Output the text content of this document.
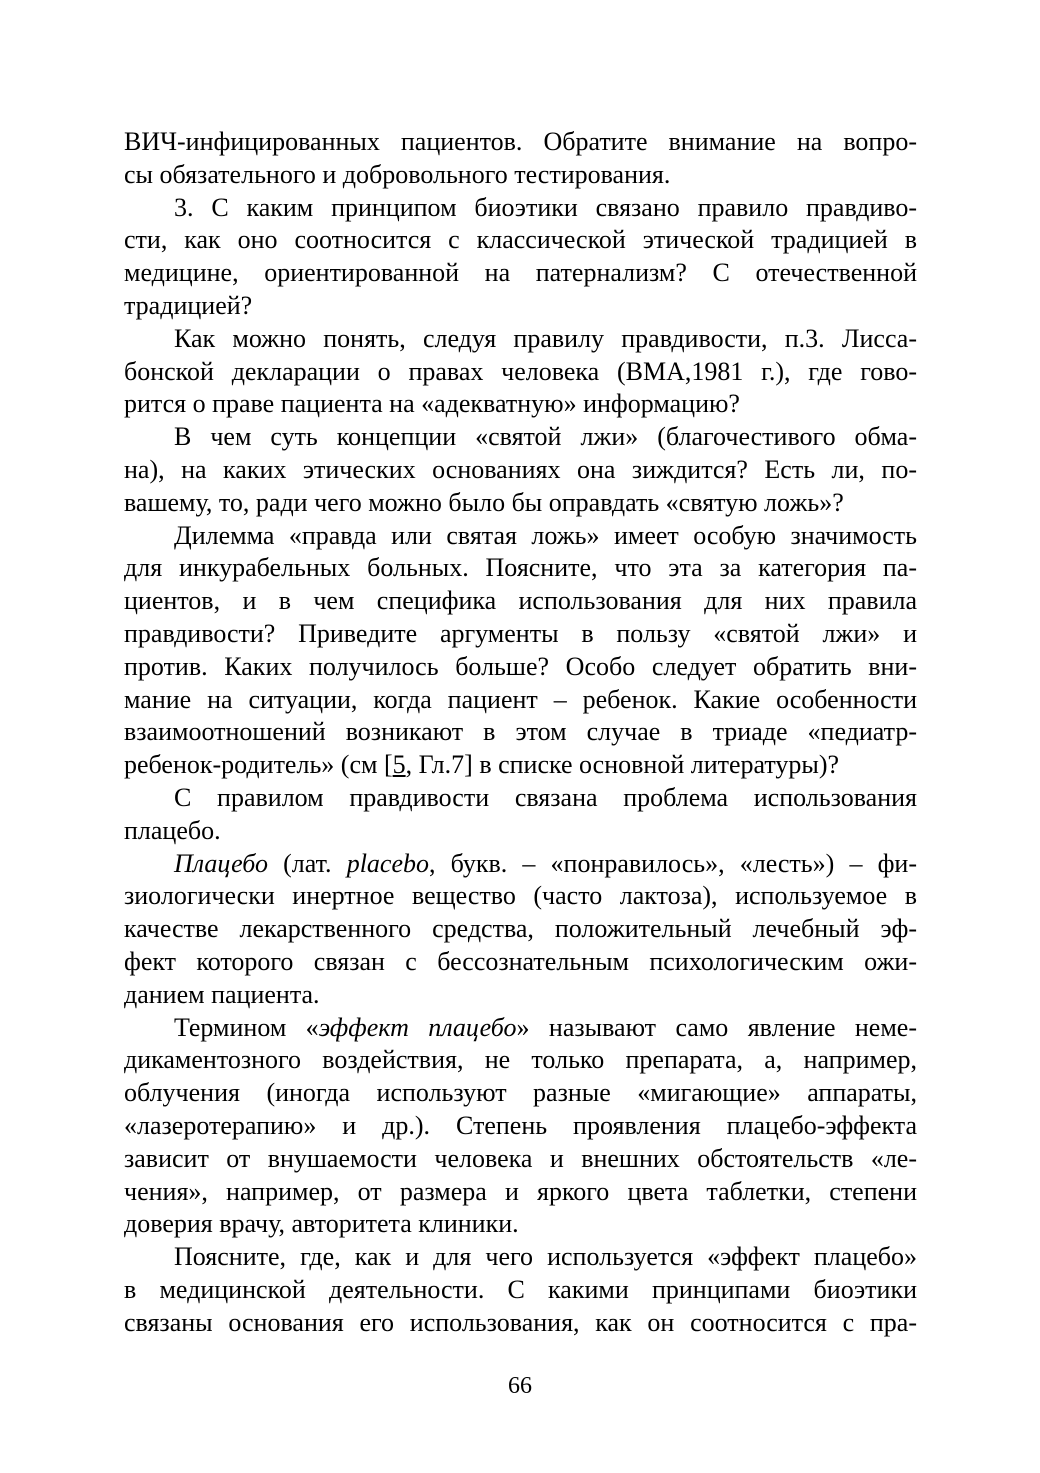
ВИЧ-инфицированных пациентов. Обратите внимание на вопро-
сы обязательного и добровольного тестирования.
3. С каким принципом биоэтики связано правило правдиво-
сти, как оно соотносится с классической этической традицией в
медицине, ориентированной на патернализм? С отечественной
традицией?
Как можно понять, следуя правилу правдивости, п.3. Лисса-
бонской декларации о правах человека (ВМА,1981 г.), где гово-
рится о праве пациента на «адекватную» информацию?
В чем суть концепции «святой лжи» (благочестивого обма-
на), на каких этических основаниях она зиждится? Есть ли, по-
вашему, то, ради чего можно было бы оправдать «святую ложь»?
Дилемма «правда или святая ложь» имеет особую значимость
для инкурабельных больных. Поясните, что эта за категория па-
циентов, и в чем специфика использования для них правила
правдивости? Приведите аргументы в пользу «святой лжи» и
против. Каких получилось больше? Особо следует обратить вни-
мание на ситуации, когда пациент – ребенок. Какие особенности
взаимоотношений возникают в этом случае в триаде «педиатр-
ребенок-родитель» (см [5, Гл.7] в списке основной литературы)?
С правилом правдивости связана проблема использования
плацебо.
Плацебо (лат. placebo, букв. – «понравилось», «лесть») – фи-
зиологически инертное вещество (часто лактоза), используемое в
качестве лекарственного средства, положительный лечебный эф-
фект которого связан с бессознательным психологическим ожи-
данием пациента.
Термином «эффект плацебо» называют само явление неме-
дикаментозного воздействия, не только препарата, а, например,
облучения (иногда используют разные «мигающие» аппараты,
«лазеротерапию» и др.). Степень проявления плацебо-эффекта
зависит от внушаемости человека и внешних обстоятельств «ле-
чения», например, от размера и яркого цвета таблетки, степени
доверия врачу, авторитета клиники.
Поясните, где, как и для чего используется «эффект плацебо»
в медицинской деятельности. С какими принципами биоэтики
связаны основания его использования, как он соотносится с пра-
66
